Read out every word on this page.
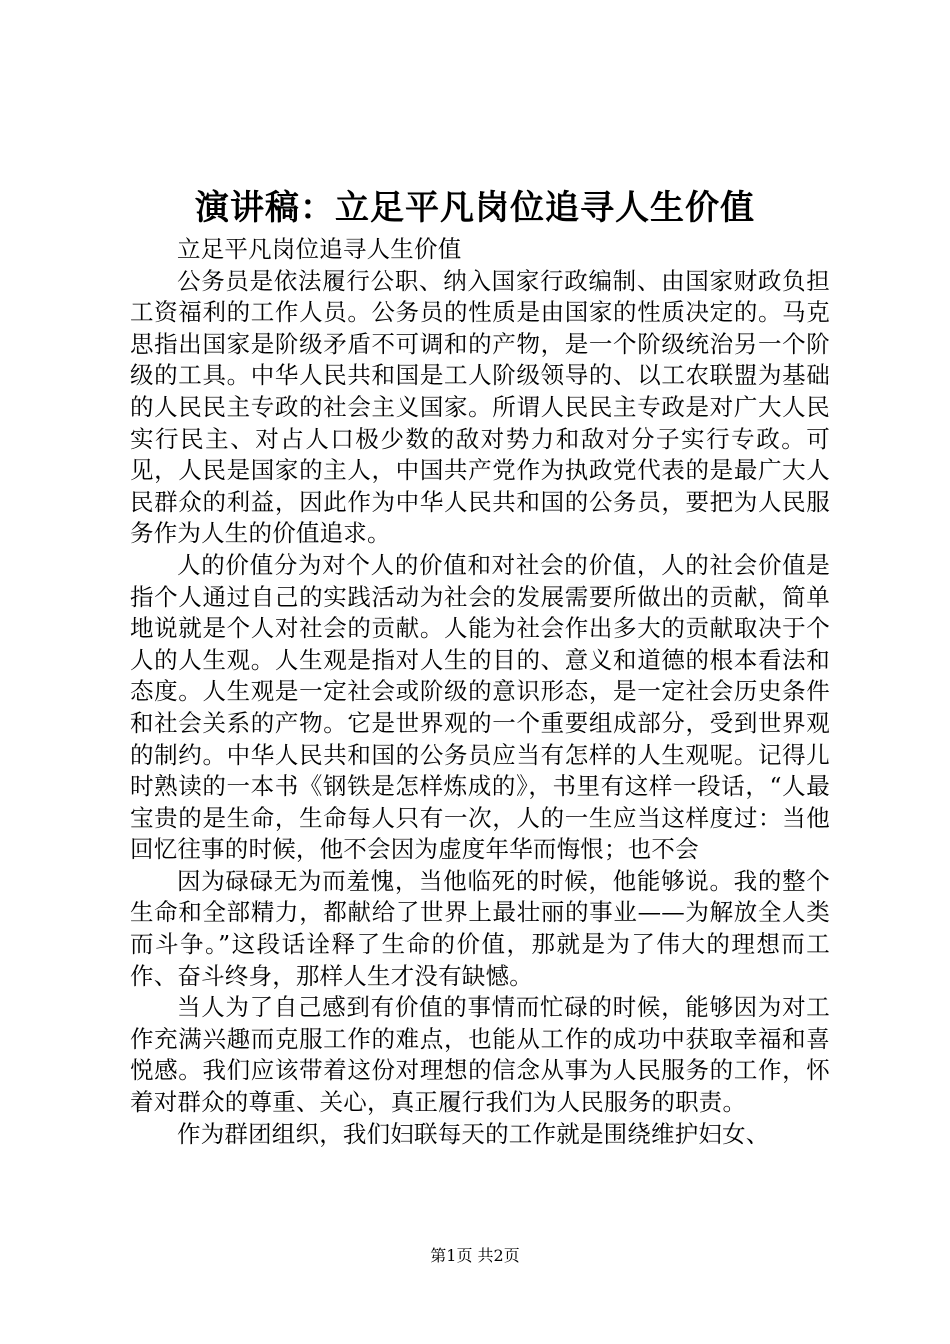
演讲稿：立足平凡岗位追寻人生价值

立足平凡岗位追寻人生价值

公务员是依法履行公职、纳入国家行政编制、由国家财政负担工资福利的工作人员。公务员的性质是由国家的性质决定的。马克思指出国家是阶级矛盾不可调和的产物，是一个阶级统治另一个阶级的工具。中华人民共和国是工人阶级领导的、以工农联盟为基础的人民民主专政的社会主义国家。所谓人民民主专政是对广大人民实行民主、对占人口极少数的敌对势力和敌对分子实行专政。可见，人民是国家的主人，中国共产党作为执政党代表的是最广大人民群众的利益，因此作为中华人民共和国的公务员，要把为人民服务作为人生的价值追求。

人的价值分为对个人的价值和对社会的价值，人的社会价值是指个人通过自己的实践活动为社会的发展需要所做出的贡献，简单地说就是个人对社会的贡献。人能为社会作出多大的贡献取决于个人的人生观。人生观是指对人生的目的、意义和道德的根本看法和态度。人生观是一定社会或阶级的意识形态，是一定社会历史条件和社会关系的产物。它是世界观的一个重要组成部分，受到世界观的制约。中华人民共和国的公务员应当有怎样的人生观呢。记得儿时熟读的一本书《钢铁是怎样炼成的》，书里有这样一段话，“人最宝贵的是生命，生命每人只有一次，人的一生应当这样度过：当他回忆往事的时候，他不会因为虚度年华而悔恨；也不会

因为碌碌无为而羞愧，当他临死的时候，他能够说。我的整个生命和全部精力，都献给了世界上最壮丽的事业——为解放全人类而斗争。”这段话诠释了生命的价值，那就是为了伟大的理想而工作、奋斗终身，那样人生才没有缺憾。

当人为了自己感到有价值的事情而忙碌的时候，能够因为对工作充满兴趣而克服工作的难点，也能从工作的成功中获取幸福和喜悦感。我们应该带着这份对理想的信念从事为人民服务的工作，怀着对群众的尊重、关心，真正履行我们为人民服务的职责。

作为群团组织，我们妇联每天的工作就是围绕维护妇女、

第1页 共2页
